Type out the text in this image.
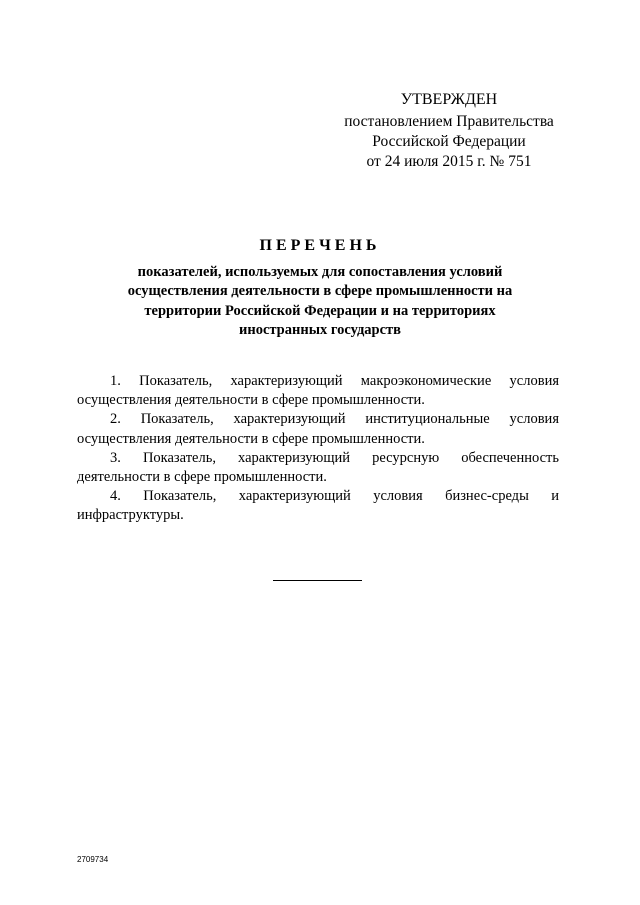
УТВЕРЖДЕН
постановлением Правительства
Российской Федерации
от 24 июля 2015 г. № 751
ПЕРЕЧЕНЬ
показателей, используемых для сопоставления условий осуществления деятельности в сфере промышленности на территории Российской Федерации и на территориях иностранных государств

1. Показатель, характеризующий макроэкономические условия осуществления деятельности в сфере промышленности.

2. Показатель, характеризующий институциональные условия осуществления деятельности в сфере промышленности.

3. Показатель, характеризующий ресурсную обеспеченность деятельности в сфере промышленности.

4. Показатель, характеризующий условия бизнес-среды и инфраструктуры.

2709734
